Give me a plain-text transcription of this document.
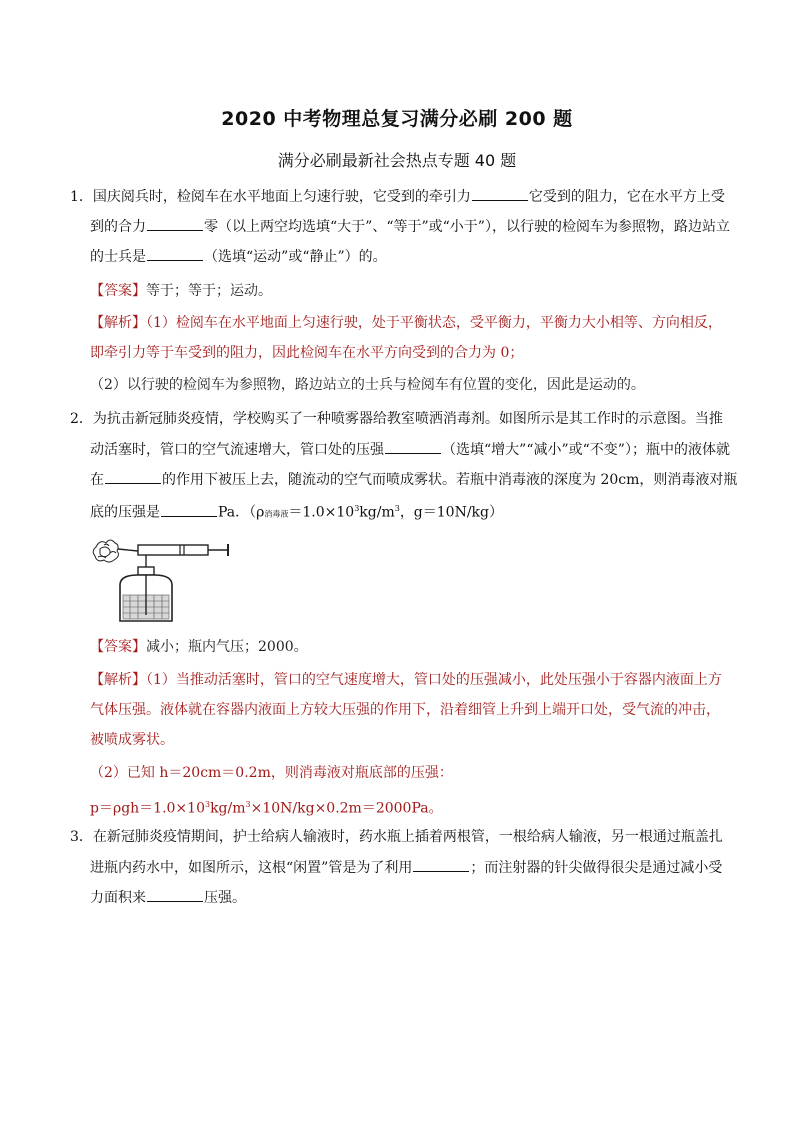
2020 中考物理总复习满分必刷 200 题
满分必刷最新社会热点专题 40 题
1．国庆阅兵时，检阅车在水平地面上匀速行驶，它受到的牵引力	它受到的阻力，它在水平方上受
到的合力	零（以上两空均选填“大于”、“等于”或“小于”），以行驶的检阅车为参照物，路边站立
的士兵是	（选填“运动”或“静止”）的。
【答案】等于；等于；运动。
【解析】（1）检阅车在水平地面上匀速行驶，处于平衡状态，受平衡力，平衡力大小相等、方向相反，
即牵引力等于车受到的阻力，因此检阅车在水平方向受到的合力为 0；
（2）以行驶的检阅车为参照物，路边站立的士兵与检阅车有位置的变化，因此是运动的。
2．为抗击新冠肺炎疫情，学校购买了一种喷雾器给教室喷洒消毒剂。如图所示是其工作时的示意图。当推
动活塞时，管口的空气流速增大，管口处的压强	（选填“增大”“减小”或“不变”）；瓶中的液体就
在	的作用下被压上去，随流动的空气而喷成雾状。若瓶中消毒液的深度为 20cm，则消毒液对瓶
底的压强是	Pa．（ρ消毒液$=1.0\times 10^3kg/m^3$，g＝10N/kg）
【答案】减小；瓶内气压；2000。
【解析】（1）当推动活塞时，管口的空气速度增大，管口处的压强减小，此处压强小于容器内液面上方
气体压强。液体就在容器内液面上方较大压强的作用下，沿着细管上升到上端开口处，受气流的冲击，
被喷成雾状。
（2）已知 h＝20cm＝0.2m，则消毒液对瓶底部的压强：
$p=\rho gh=1.0\times 10^3kg/m^3\times 10N/kg\times 0.2m=2000Pa$。
3．在新冠肺炎疫情期间，护士给病人输液时，药水瓶上插着两根管，一根给病人输液，另一根通过瓶盖扎
进瓶内药水中，如图所示，这根“闲置”管是为了利用	；而注射器的针尖做得很尖是通过减小受
力面积来	压强。
